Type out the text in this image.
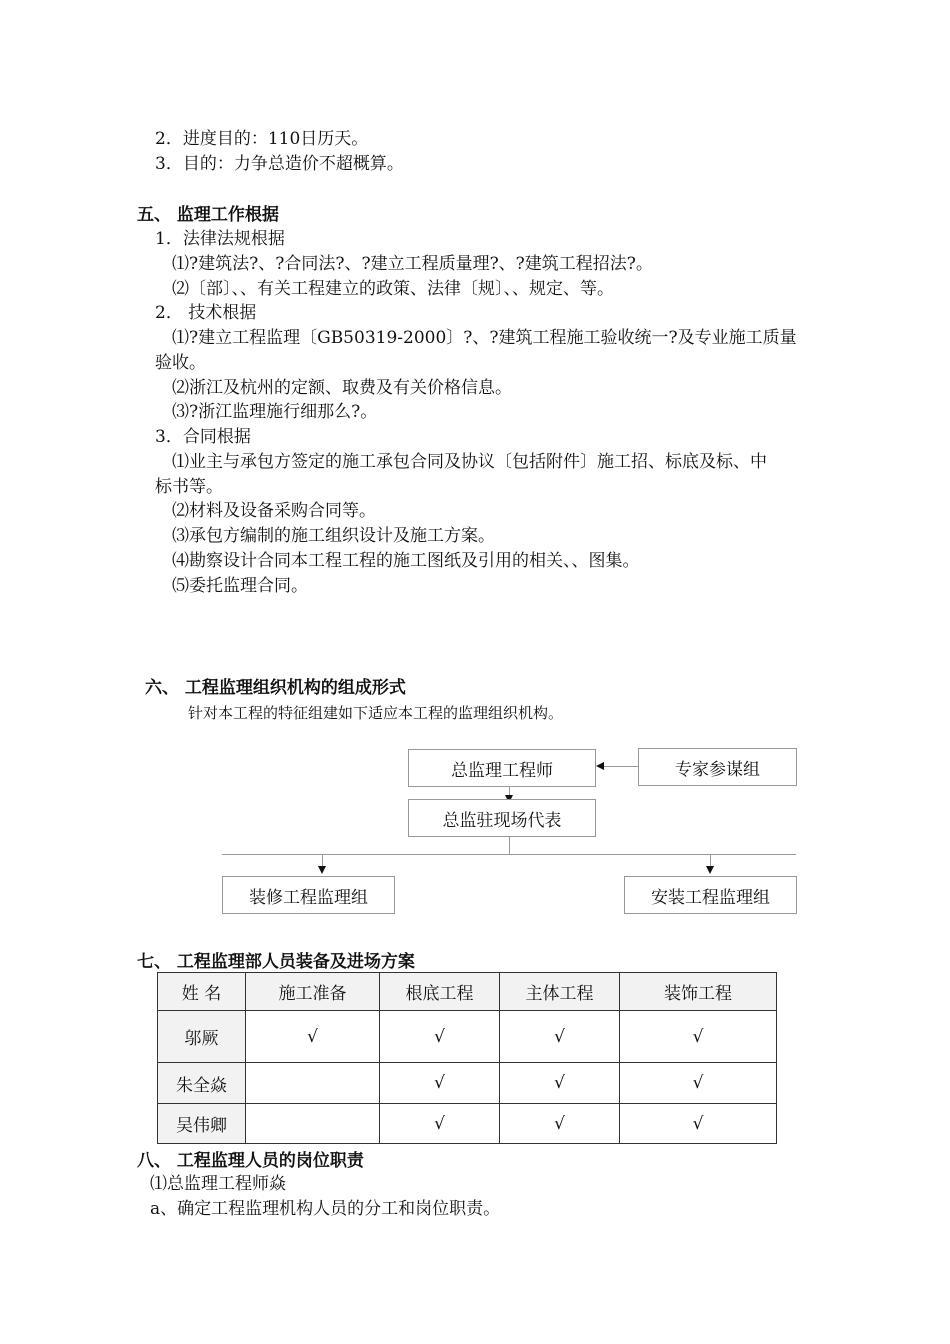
2．进度目的：110日历天。
3．目的：力争总造价不超概算。
五、 监理工作根据
1．法律法规根据
⑴?建筑法?、?合同法?、?建立工程质量理?、?建筑工程招法?。
⑵〔部〕、、有关工程建立的政策、法律〔规〕、、规定、等。
2． 技术根据
⑴?建立工程监理〔GB50319-2000〕?、?建筑工程施工验收统一?及专业施工质量
验收。
⑵浙江及杭州的定额、取费及有关价格信息。
⑶?浙江监理施行细那么?。
3．合同根据
⑴业主与承包方签定的施工承包合同及协议〔包括附件〕施工招、标底及标、中
标书等。
⑵材料及设备采购合同等。
⑶承包方编制的施工组织设计及施工方案。
⑷勘察设计合同本工程工程的施工图纸及引用的相关、、图集。
⑸委托监理合同。
六、 工程监理组织机构的组成形式
针对本工程的特征组建如下适应本工程的监理组织机构。
总监理工程师	专家参谋组
总监驻现场代表
装修工程监理组	安装工程监理组
七、 工程监理部人员装备及进场方案
姓 名	施工准备	根底工程	主体工程	装饰工程
邬厥	√	√	√	√
朱全焱		√	√	√
吴伟卿		√	√	√
八、 工程监理人员的岗位职责
⑴总监理工程师焱
a、确定工程监理机构人员的分工和岗位职责。
